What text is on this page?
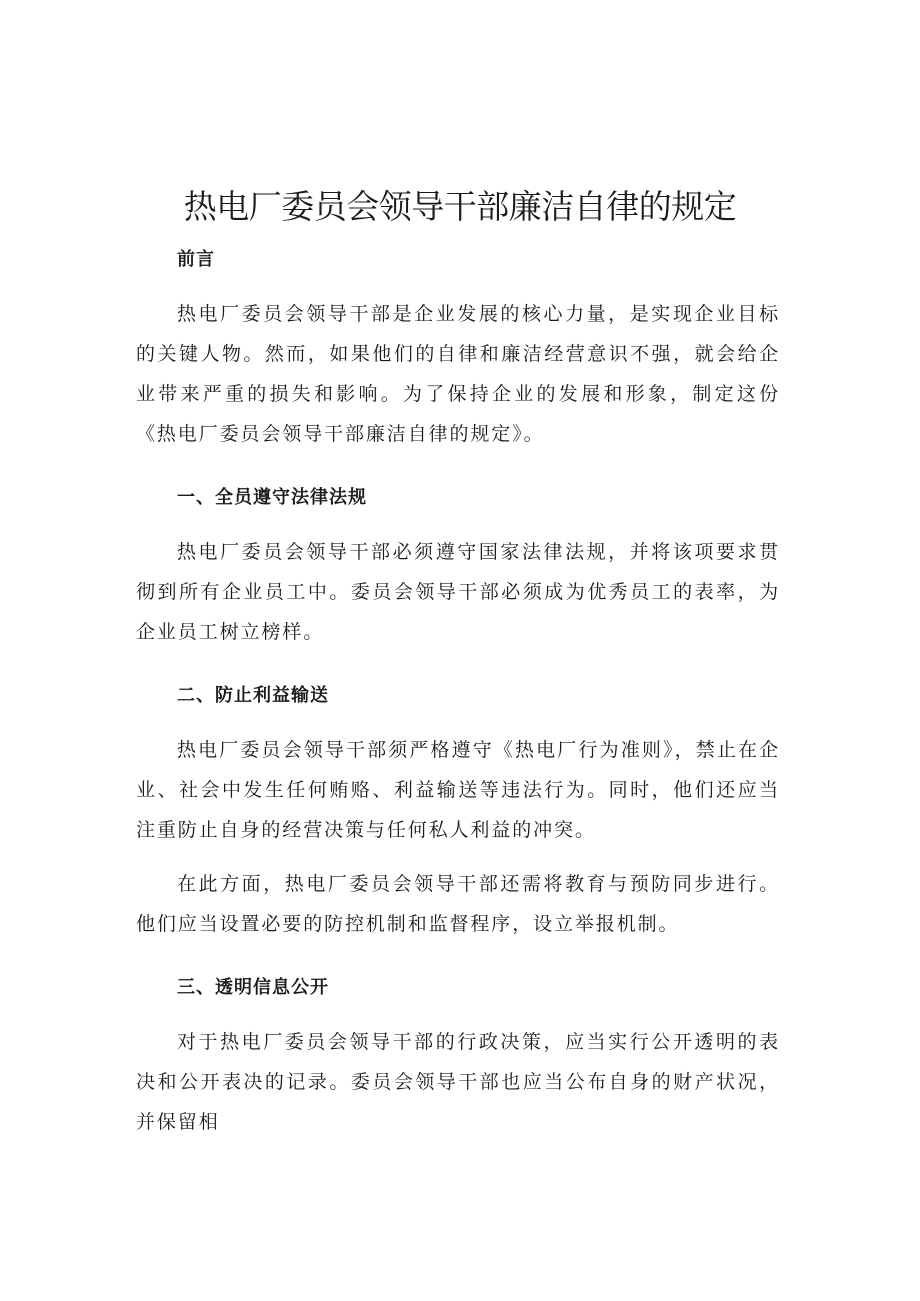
热电厂委员会领导干部廉洁自律的规定

前言

热电厂委员会领导干部是企业发展的核心力量，是实现企业目标的关键人物。然而，如果他们的自律和廉洁经营意识不强，就会给企业带来严重的损失和影响。为了保持企业的发展和形象，制定这份《热电厂委员会领导干部廉洁自律的规定》。

一、全员遵守法律法规

热电厂委员会领导干部必须遵守国家法律法规，并将该项要求贯彻到所有企业员工中。委员会领导干部必须成为优秀员工的表率，为企业员工树立榜样。

二、防止利益输送

热电厂委员会领导干部须严格遵守《热电厂行为准则》，禁止在企业、社会中发生任何贿赂、利益输送等违法行为。同时，他们还应当注重防止自身的经营决策与任何私人利益的冲突。

在此方面，热电厂委员会领导干部还需将教育与预防同步进行。他们应当设置必要的防控机制和监督程序，设立举报机制。

三、透明信息公开

对于热电厂委员会领导干部的行政决策，应当实行公开透明的表决和公开表决的记录。委员会领导干部也应当公布自身的财产状况，并保留相
